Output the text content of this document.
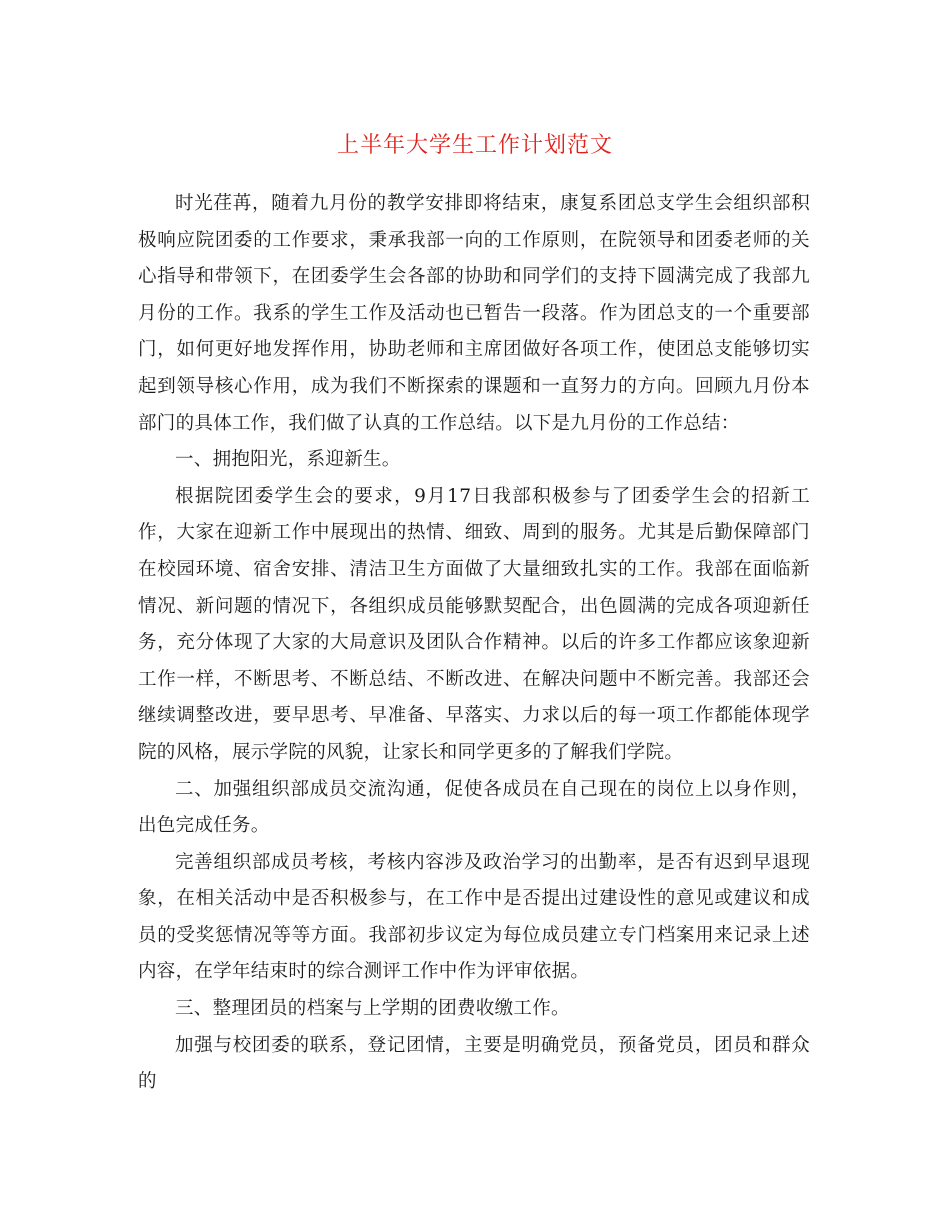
上半年大学生工作计划范文

时光荏苒，随着九月份的教学安排即将结束，康复系团总支学生会组织部积极响应院团委的工作要求，秉承我部一向的工作原则，在院领导和团委老师的关心指导和带领下，在团委学生会各部的协助和同学们的支持下圆满完成了我部九月份的工作。我系的学生工作及活动也已暂告一段落。作为团总支的一个重要部门，如何更好地发挥作用，协助老师和主席团做好各项工作，使团总支能够切实起到领导核心作用，成为我们不断探索的课题和一直努力的方向。回顾九月份本部门的具体工作，我们做了认真的工作总结。以下是九月份的工作总结：

一、拥抱阳光，系迎新生。

根据院团委学生会的要求，9月17日我部积极参与了团委学生会的招新工作，大家在迎新工作中展现出的热情、细致、周到的服务。尤其是后勤保障部门在校园环境、宿舍安排、清洁卫生方面做了大量细致扎实的工作。我部在面临新情况、新问题的情况下，各组织成员能够默契配合，出色圆满的完成各项迎新任务，充分体现了大家的大局意识及团队合作精神。以后的许多工作都应该象迎新工作一样，不断思考、不断总结、不断改进、在解决问题中不断完善。我部还会继续调整改进，要早思考、早准备、早落实、力求以后的每一项工作都能体现学院的风格，展示学院的风貌，让家长和同学更多的了解我们学院。

二、加强组织部成员交流沟通，促使各成员在自己现在的岗位上以身作则，出色完成任务。

完善组织部成员考核，考核内容涉及政治学习的出勤率，是否有迟到早退现象，在相关活动中是否积极参与，在工作中是否提出过建设性的意见或建议和成员的受奖惩情况等等方面。我部初步议定为每位成员建立专门档案用来记录上述内容，在学年结束时的综合测评工作中作为评审依据。

三、整理团员的档案与上学期的团费收缴工作。

加强与校团委的联系，登记团情，主要是明确党员，预备党员，团员和群众的
